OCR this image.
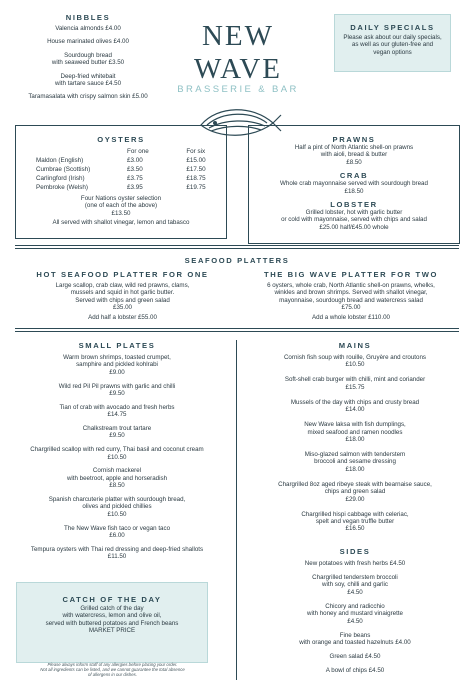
NIBBLES
Valencia almonds £4.00
House marinated olives £4.00
Sourdough bread
with seaweed butter £3.50
Deep-fried whitebait
with tartare sauce £4.50
Taramasalata with crispy salmon skin £5.00
NEW WAVE
BRASSERIE & BAR
DAILY SPECIALS
Please ask about our daily specials,
as well as our gluten-free and
vegan options
OYSTERS
	For one	For six
Maldon (English)	£3.00	£15.00
Cumbrae (Scottish)	£3.50	£17.50
Carlingford (Irish)	£3.75	£18.75
Pembroke (Welsh)	£3.95	£19.75
Four Nations oyster selection
(one of each of the above)
£13.50
All served with shallot vinegar, lemon and tabasco
PRAWNS
Half a pint of North Atlantic shell-on prawns
with aioli, bread & butter
£8.50
CRAB
Whole crab mayonnaise served with sourdough bread
£18.50
LOBSTER
Grilled lobster, hot with garlic butter
or cold with mayonnaise, served with chips and salad
£25.00 half/£45.00 whole
SEAFOOD PLATTERS
HOT SEAFOOD PLATTER FOR ONE
Large scallop, crab claw, wild red prawns, clams,
mussels and squid in hot garlic butter.
Served with chips and green salad
£35.00
Add half a lobster £55.00
THE BIG WAVE PLATTER FOR TWO
6 oysters, whole crab, North Atlantic shell-on prawns, whelks,
winkles and brown shrimps. Served with shallot vinegar,
mayonnaise, sourdough bread and watercress salad
£75.00
Add a whole lobster £110.00
SMALL PLATES
Warm brown shrimps, toasted crumpet,
samphire and pickled kohlrabi
£9.00
Wild red Pil Pil prawns with garlic and chilli
£9.50
Tian of crab with avocado and fresh herbs
£14.75
Chalkstream trout tartare
£9.50
Chargrilled scallop with red curry, Thai basil and coconut cream
£10.50
Cornish mackerel
with beetroot, apple and horseradish
£8.50
Spanish charcuterie platter with sourdough bread,
olives and pickled chillies
£10.50
The New Wave fish taco or vegan taco
£6.00
Tempura oysters with Thai red dressing and deep-fried shallots
£11.50
CATCH OF THE DAY
Grilled catch of the day
with watercress, lemon and olive oil,
served with buttered potatoes and French beans
MARKET PRICE
Please always inform staff of any allergies before placing your order.
Not all ingredients can be listed, and we cannot guarantee the total absence
of allergens in our dishes.
MAINS
Cornish fish soup with rouille, Gruyère and croutons
£10.50
Soft-shell crab burger with chilli, mint and coriander
£15.75
Mussels of the day with chips and crusty bread
£14.00
New Wave laksa with fish dumplings,
mixed seafood and ramen noodles
£18.00
Miso-glazed salmon with tenderstem
broccoli and sesame dressing
£18.00
Chargrilled 8oz aged ribeye steak with bearnaise sauce,
chips and green salad
£29.00
Chargrilled hispi cabbage with celeriac,
spelt and vegan truffle butter
£16.50
SIDES
New potatoes with fresh herbs £4.50
Chargrilled tenderstem broccoli
with soy, chilli and garlic
£4.50
Chicory and radicchio
with honey and mustard vinaigrette
£4.50
Fine beans
with orange and toasted hazelnuts £4.00
Green salad £4.50
A bowl of chips £4.50
